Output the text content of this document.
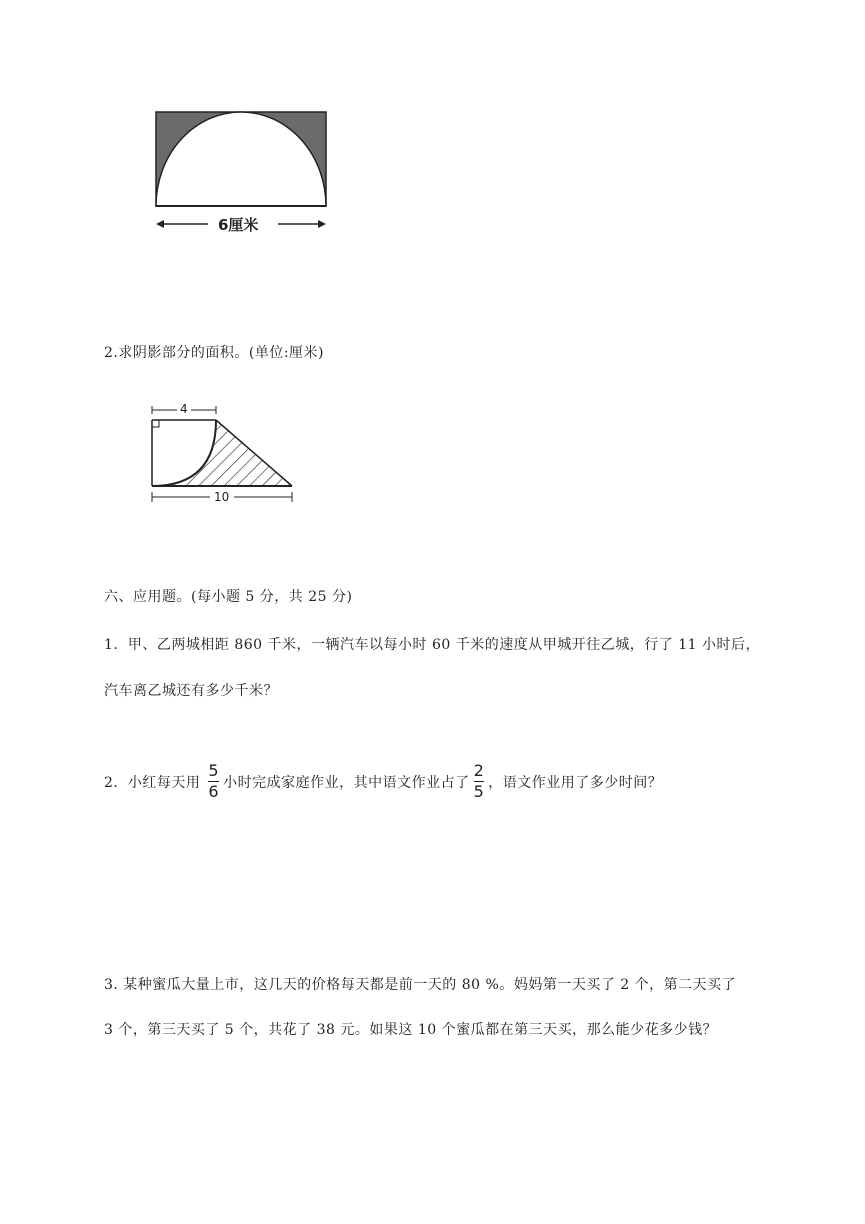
6厘米
2.求阴影部分的面积。(单位:厘米)
4
10
六、应用题。(每小题 5 分，共 25 分)
1．甲、乙两城相距 860 千米，一辆汽车以每小时 60 千米的速度从甲城开往乙城，行了 11 小时后，
汽车离乙城还有多少千米？
2．小红每天用 $\frac{5}{6}$ 小时完成家庭作业，其中语文作业占了 $\frac{2}{5}$ ，语文作业用了多少时间？
3. 某种蜜瓜大量上市，这几天的价格每天都是前一天的 80 %。妈妈第一天买了 2 个，第二天买了
3 个，第三天买了 5 个，共花了 38 元。如果这 10 个蜜瓜都在第三天买，那么能少花多少钱？
